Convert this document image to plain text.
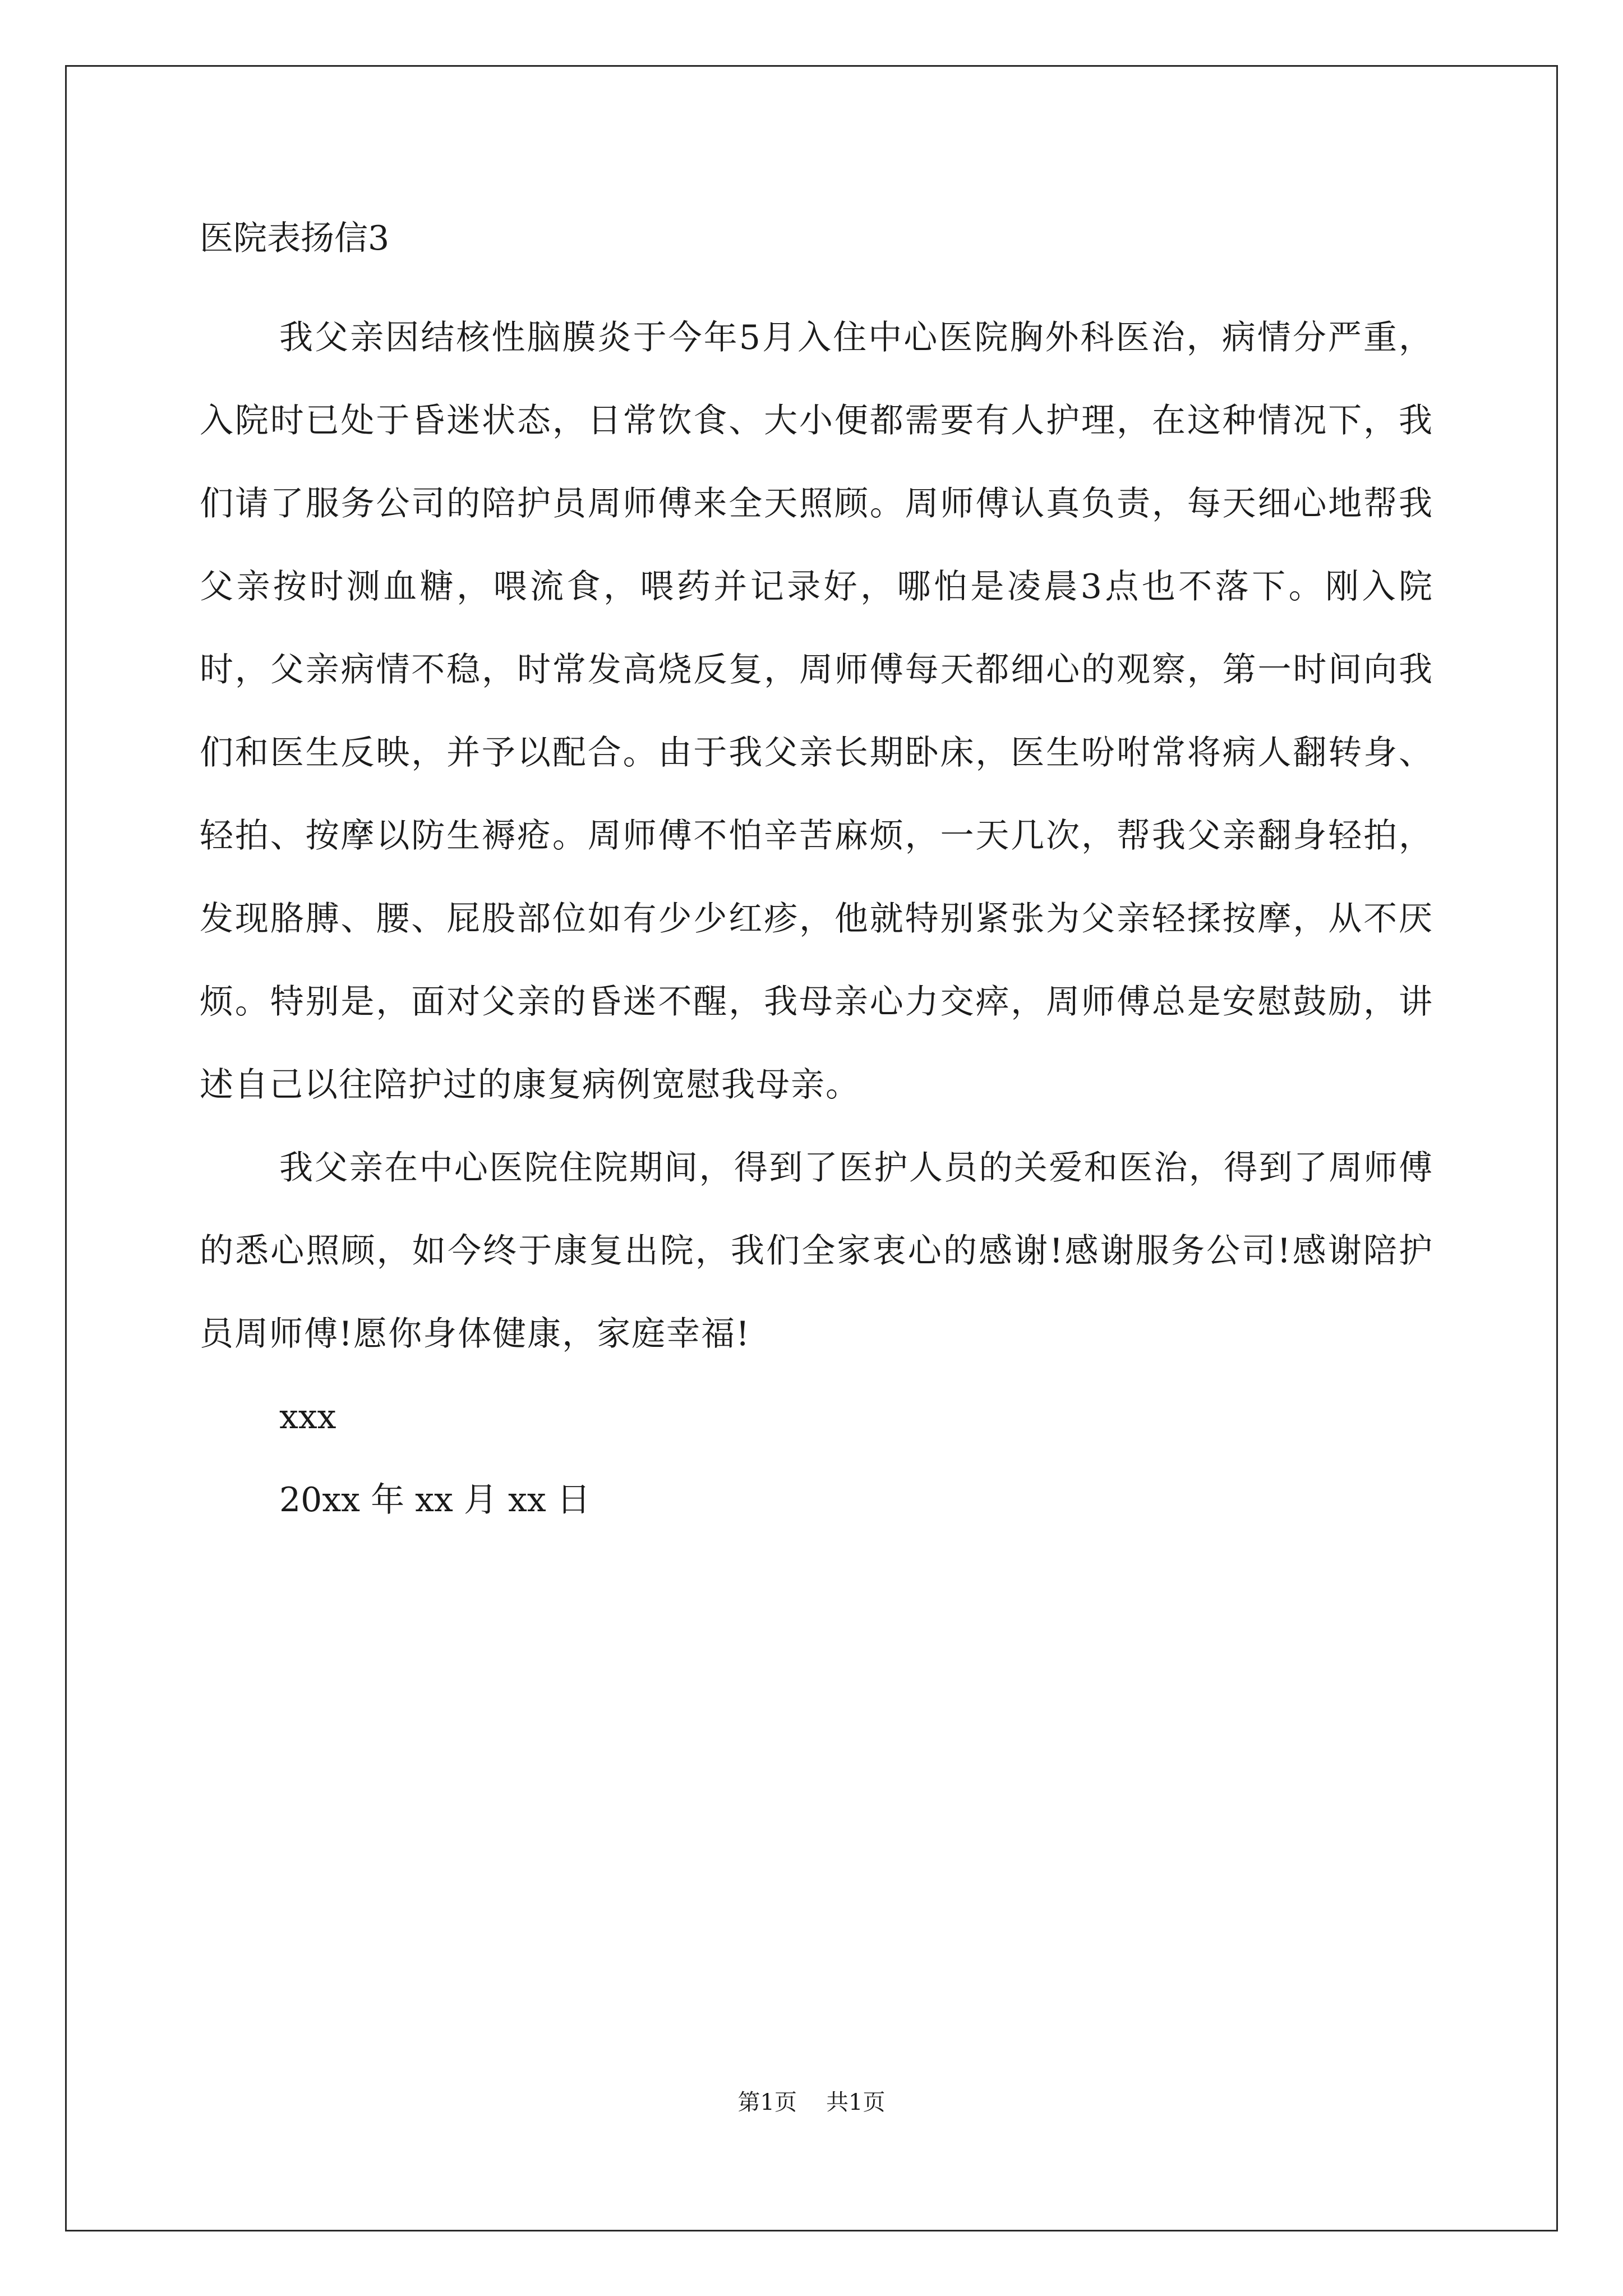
医院表扬信3

我父亲因结核性脑膜炎于今年5月入住中心医院胸外科医治，病情分严重，入院时已处于昏迷状态，日常饮食、大小便都需要有人护理，在这种情况下，我们请了服务公司的陪护员周师傅来全天照顾。周师傅认真负责，每天细心地帮我父亲按时测血糖，喂流食，喂药并记录好，哪怕是凌晨3点也不落下。刚入院时，父亲病情不稳，时常发高烧反复，周师傅每天都细心的观察，第一时间向我们和医生反映，并予以配合。由于我父亲长期卧床，医生吩咐常将病人翻转身、轻拍、按摩以防生褥疮。周师傅不怕辛苦麻烦，一天几次，帮我父亲翻身轻拍，发现胳膊、腰、屁股部位如有少少红疹，他就特别紧张为父亲轻揉按摩，从不厌烦。特别是，面对父亲的昏迷不醒，我母亲心力交瘁，周师傅总是安慰鼓励，讲述自己以往陪护过的康复病例宽慰我母亲。

我父亲在中心医院住院期间，得到了医护人员的关爱和医治，得到了周师傅的悉心照顾，如今终于康复出院，我们全家衷心的感谢!感谢服务公司!感谢陪护员周师傅!愿你身体健康，家庭幸福!

xxx
20xx 年 xx 月 xx 日
第1页 共1页
